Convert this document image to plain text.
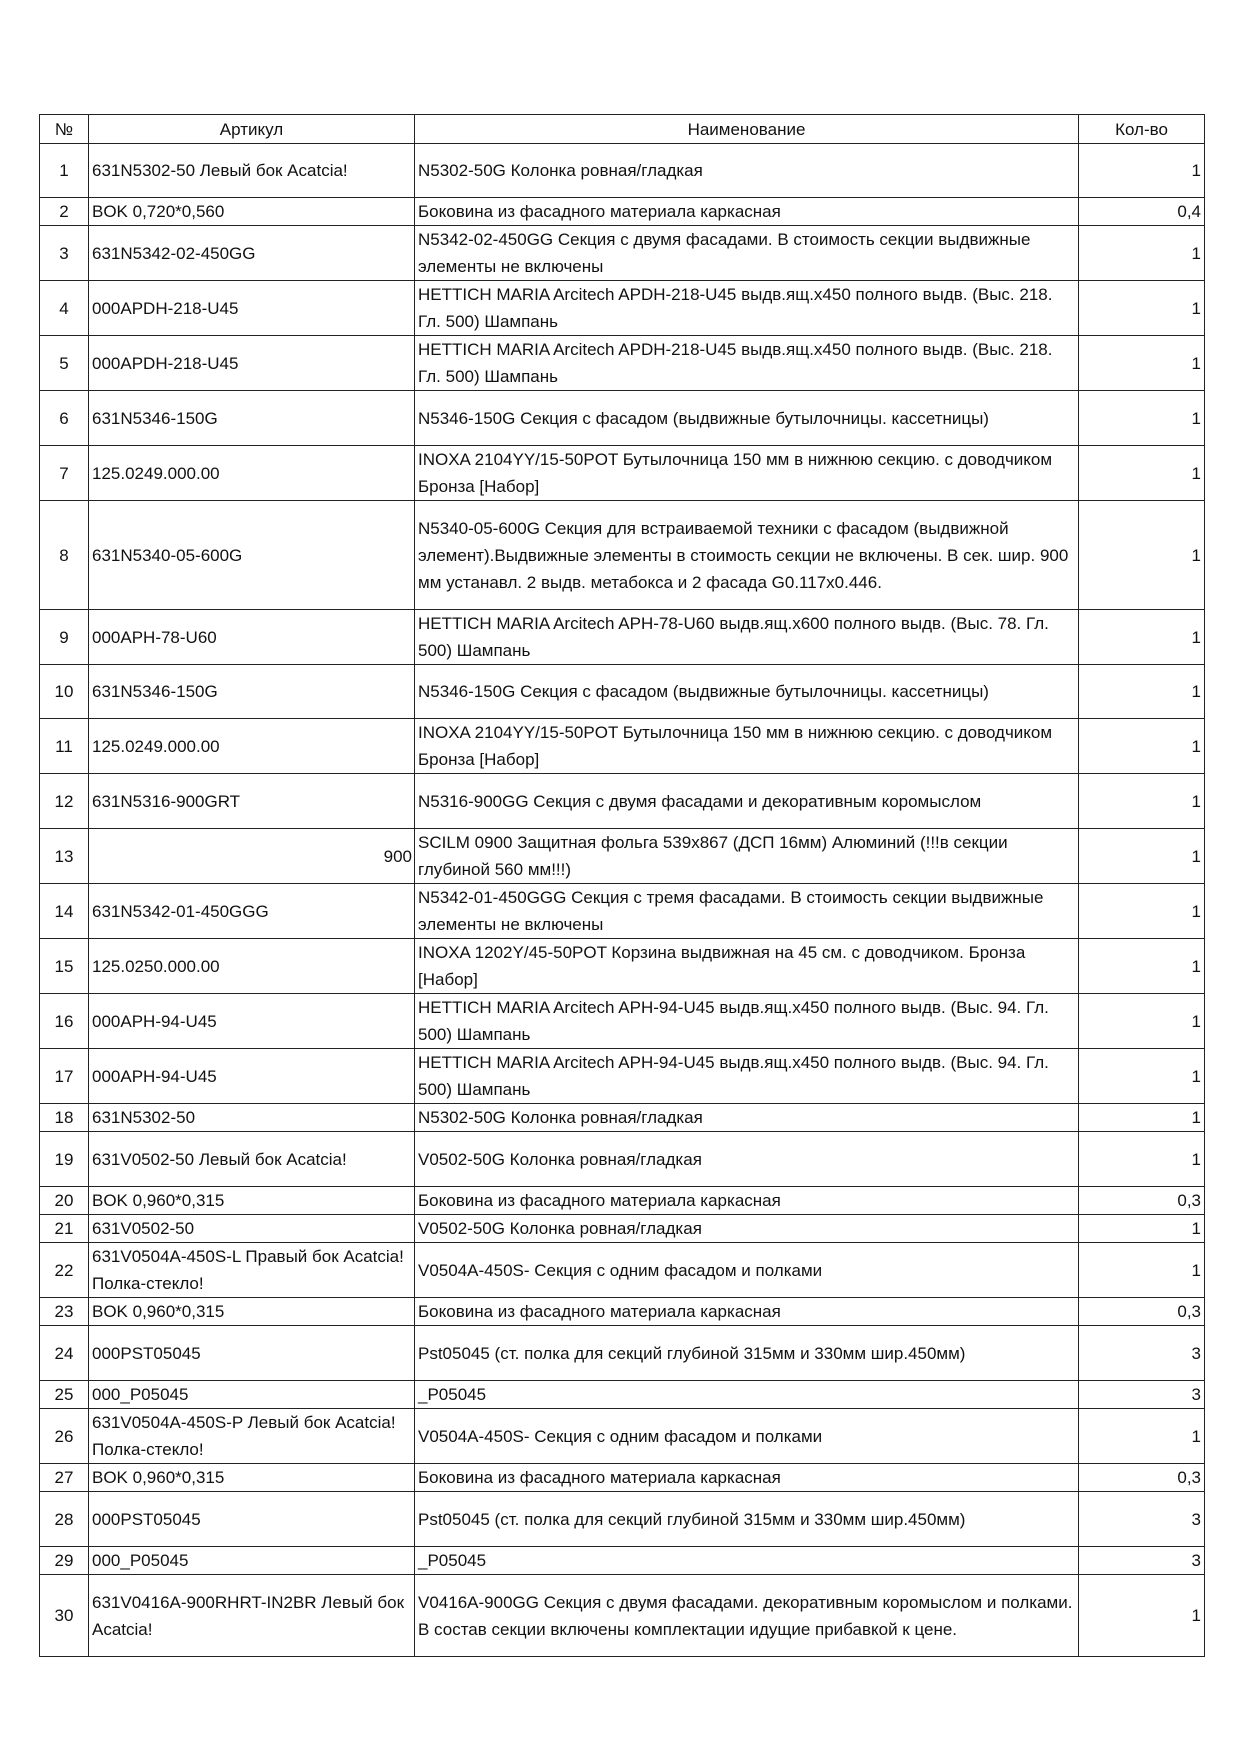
№	Артикул	Наименование	Кол-во
1	631N5302-50 Левый бок Acatcia!	N5302-50G Колонка ровная/гладкая	1
2	BOK 0,720*0,560	Боковина из фасадного материала каркасная	0,4
3	631N5342-02-450GG	N5342-02-450GG Секция с двумя фасадами. В стоимость секции выдвижные элементы не включены	1
4	000APDH-218-U45	HETTICH MARIA Arcitech APDH-218-U45 выдв.ящ.x450 полного выдв. (Выс. 218. Гл. 500) Шампань	1
5	000APDH-218-U45	HETTICH MARIA Arcitech APDH-218-U45 выдв.ящ.x450 полного выдв. (Выс. 218. Гл. 500) Шампань	1
6	631N5346-150G	N5346-150G Секция с фасадом (выдвижные бутылочницы. кассетницы)	1
7	125.0249.000.00	INOXA 2104YY/15-50POT Бутылочница 150 мм в нижнюю секцию. с доводчиком Бронза [Набор]	1
8	631N5340-05-600G	N5340-05-600G Секция для встраиваемой техники с фасадом (выдвижной элемент).Выдвижные элементы в стоимость секции не включены. В сек. шир. 900 мм устанавл. 2 выдв. метабокса и 2 фасада G0.117x0.446.	1
9	000APH-78-U60	HETTICH MARIA Arcitech APH-78-U60 выдв.ящ.x600 полного выдв. (Выс. 78. Гл. 500) Шампань	1
10	631N5346-150G	N5346-150G Секция с фасадом (выдвижные бутылочницы. кассетницы)	1
11	125.0249.000.00	INOXA 2104YY/15-50POT Бутылочница 150 мм в нижнюю секцию. с доводчиком Бронза [Набор]	1
12	631N5316-900GRT	N5316-900GG Секция с двумя фасадами и декоративным коромыслом	1
13	900	SCILM 0900 Защитная фольга 539x867 (ДСП 16мм) Алюминий (!!!в секции глубиной 560 мм!!!)	1
14	631N5342-01-450GGG	N5342-01-450GGG Секция с тремя фасадами. В стоимость секции выдвижные элементы не включены	1
15	125.0250.000.00	INOXA 1202Y/45-50POT Корзина выдвижная на 45 см. с доводчиком. Бронза [Набор]	1
16	000APH-94-U45	HETTICH MARIA Arcitech APH-94-U45 выдв.ящ.x450 полного выдв. (Выс. 94. Гл. 500) Шампань	1
17	000APH-94-U45	HETTICH MARIA Arcitech APH-94-U45 выдв.ящ.x450 полного выдв. (Выс. 94. Гл. 500) Шампань	1
18	631N5302-50	N5302-50G Колонка ровная/гладкая	1
19	631V0502-50 Левый бок Acatcia!	V0502-50G Колонка ровная/гладкая	1
20	BOK 0,960*0,315	Боковина из фасадного материала каркасная	0,3
21	631V0502-50	V0502-50G Колонка ровная/гладкая	1
22	631V0504A-450S-L Правый бок Acatcia! Полка-стекло!	V0504A-450S- Секция с одним фасадом и полками	1
23	BOK 0,960*0,315	Боковина из фасадного материала каркасная	0,3
24	000PST05045	Pst05045 (ст. полка для секций глубиной 315мм и 330мм шир.450мм)	3
25	000_P05045	_P05045	3
26	631V0504A-450S-P Левый бок Acatcia! Полка-стекло!	V0504A-450S- Секция с одним фасадом и полками	1
27	BOK 0,960*0,315	Боковина из фасадного материала каркасная	0,3
28	000PST05045	Pst05045 (ст. полка для секций глубиной 315мм и 330мм шир.450мм)	3
29	000_P05045	_P05045	3
30	631V0416A-900RHRT-IN2BR Левый бок Acatcia!	V0416A-900GG Секция с двумя фасадами. декоративным коромыслом и полками. В состав секции включены комплектации идущие прибавкой к цене.	1
